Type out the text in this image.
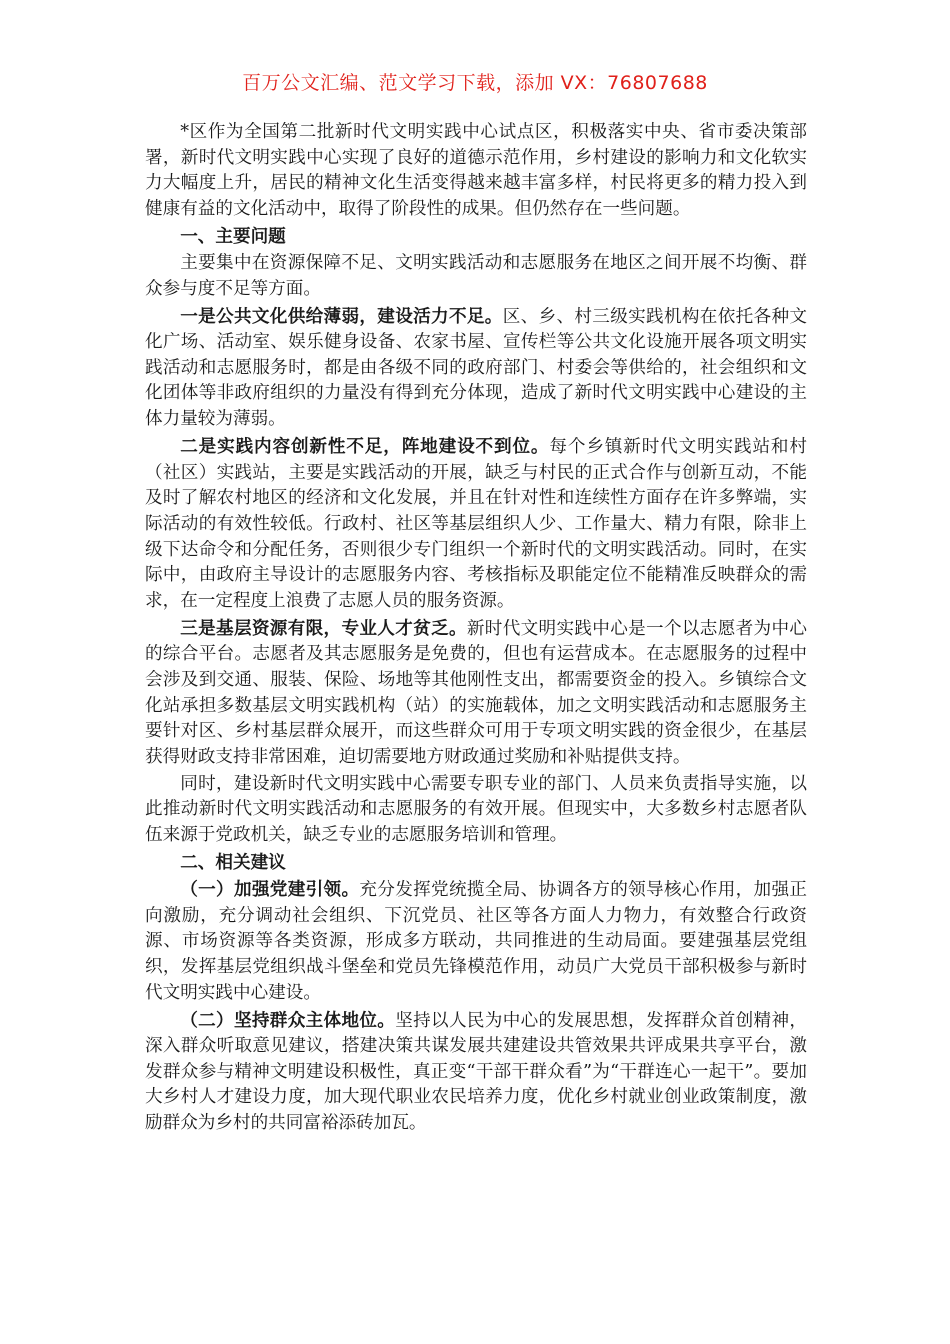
百万公文汇编、范文学习下载，添加 VX：76807688

*区作为全国第二批新时代文明实践中心试点区，积极落实中央、省市委决策部署，新时代文明实践中心实现了良好的道德示范作用，乡村建设的影响力和文化软实力大幅度上升，居民的精神文化生活变得越来越丰富多样，村民将更多的精力投入到健康有益的文化活动中，取得了阶段性的成果。但仍然存在一些问题。

一、主要问题

主要集中在资源保障不足、文明实践活动和志愿服务在地区之间开展不均衡、群众参与度不足等方面。

一是公共文化供给薄弱，建设活力不足。区、乡、村三级实践机构在依托各种文化广场、活动室、娱乐健身设备、农家书屋、宣传栏等公共文化设施开展各项文明实践活动和志愿服务时，都是由各级不同的政府部门、村委会等供给的，社会组织和文化团体等非政府组织的力量没有得到充分体现，造成了新时代文明实践中心建设的主体力量较为薄弱。

二是实践内容创新性不足，阵地建设不到位。每个乡镇新时代文明实践站和村（社区）实践站，主要是实践活动的开展，缺乏与村民的正式合作与创新互动，不能及时了解农村地区的经济和文化发展，并且在针对性和连续性方面存在许多弊端，实际活动的有效性较低。行政村、社区等基层组织人少、工作量大、精力有限，除非上级下达命令和分配任务，否则很少专门组织一个新时代的文明实践活动。同时，在实际中，由政府主导设计的志愿服务内容、考核指标及职能定位不能精准反映群众的需求，在一定程度上浪费了志愿人员的服务资源。

三是基层资源有限，专业人才贫乏。新时代文明实践中心是一个以志愿者为中心的综合平台。志愿者及其志愿服务是免费的，但也有运营成本。在志愿服务的过程中会涉及到交通、服装、保险、场地等其他刚性支出，都需要资金的投入。乡镇综合文化站承担多数基层文明实践机构（站）的实施载体，加之文明实践活动和志愿服务主要针对区、乡村基层群众展开，而这些群众可用于专项文明实践的资金很少，在基层获得财政支持非常困难，迫切需要地方财政通过奖励和补贴提供支持。

同时，建设新时代文明实践中心需要专职专业的部门、人员来负责指导实施，以此推动新时代文明实践活动和志愿服务的有效开展。但现实中，大多数乡村志愿者队伍来源于党政机关，缺乏专业的志愿服务培训和管理。

二、相关建议

（一）加强党建引领。充分发挥党统揽全局、协调各方的领导核心作用，加强正向激励，充分调动社会组织、下沉党员、社区等各方面人力物力，有效整合行政资源、市场资源等各类资源，形成多方联动，共同推进的生动局面。要建强基层党组织，发挥基层党组织战斗堡垒和党员先锋模范作用，动员广大党员干部积极参与新时代文明实践中心建设。

（二）坚持群众主体地位。坚持以人民为中心的发展思想，发挥群众首创精神，深入群众听取意见建议，搭建决策共谋发展共建建设共管效果共评成果共享平台，激发群众参与精神文明建设积极性，真正变“干部干群众看”为“干群连心一起干”。要加大乡村人才建设力度，加大现代职业农民培养力度，优化乡村就业创业政策制度，激励群众为乡村的共同富裕添砖加瓦。
